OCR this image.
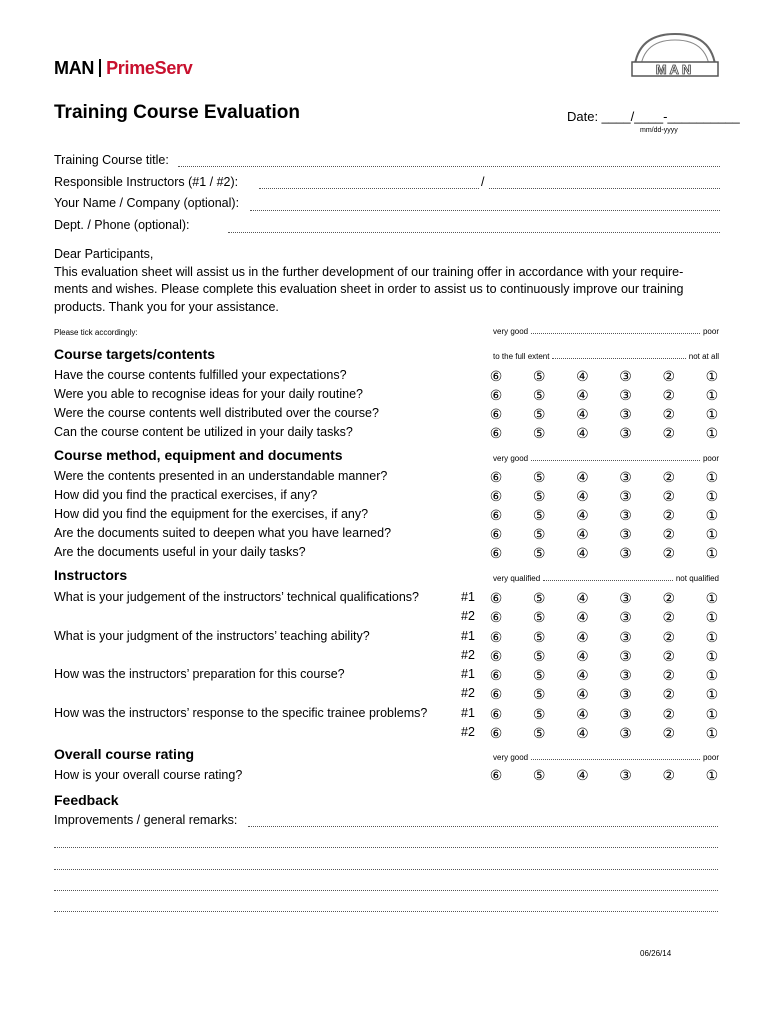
MAN PrimeServ	MAN
Training Course Evaluation	Date: ____/____-__________
mm/dd-yyyy
Training Course title:
Responsible Instructors (#1 / #2):	/
Your Name / Company (optional):
Dept. / Phone (optional):
Dear Participants,
This evaluation sheet will assist us in the further development of our training offer in accordance with your require-ments and wishes. Please complete this evaluation sheet in order to assist us to continuously improve our training products. Thank you for your assistance.
Please tick accordingly:	very good	poor
Course targets/contents	to the full extent	not at all
Have the course contents fulfilled your expectations?	⑥ ⑤ ④ ③ ② ①
Were you able to recognise ideas for your daily routine?	⑥ ⑤ ④ ③ ② ①
Were the course contents well distributed over the course?	⑥ ⑤ ④ ③ ② ①
Can the course content be utilized in your daily tasks?	⑥ ⑤ ④ ③ ② ①
Course method, equipment and documents	very good	poor
Were the contents presented in an understandable manner?	⑥ ⑤ ④ ③ ② ①
How did you find the practical exercises, if any?	⑥ ⑤ ④ ③ ② ①
How did you find the equipment for the exercises, if any?	⑥ ⑤ ④ ③ ② ①
Are the documents suited to deepen what you have learned?	⑥ ⑤ ④ ③ ② ①
Are the documents useful in your daily tasks?	⑥ ⑤ ④ ③ ② ①
Instructors	very qualified	not qualified
What is your judgement of the instructors’ technical qualifications?	#1 ⑥ ⑤ ④ ③ ② ①
#2 ⑥ ⑤ ④ ③ ② ①
What is your judgment of the instructors’ teaching ability?	#1 ⑥ ⑤ ④ ③ ② ①
#2 ⑥ ⑤ ④ ③ ② ①
How was the instructors’ preparation for this course?	#1 ⑥ ⑤ ④ ③ ② ①
#2 ⑥ ⑤ ④ ③ ② ①
How was the instructors’ response to the specific trainee problems?	#1 ⑥ ⑤ ④ ③ ② ①
#2 ⑥ ⑤ ④ ③ ② ①
Overall course rating	very good	poor
How is your overall course rating?	⑥ ⑤ ④ ③ ② ①
Feedback
Improvements / general remarks:
06/26/14
